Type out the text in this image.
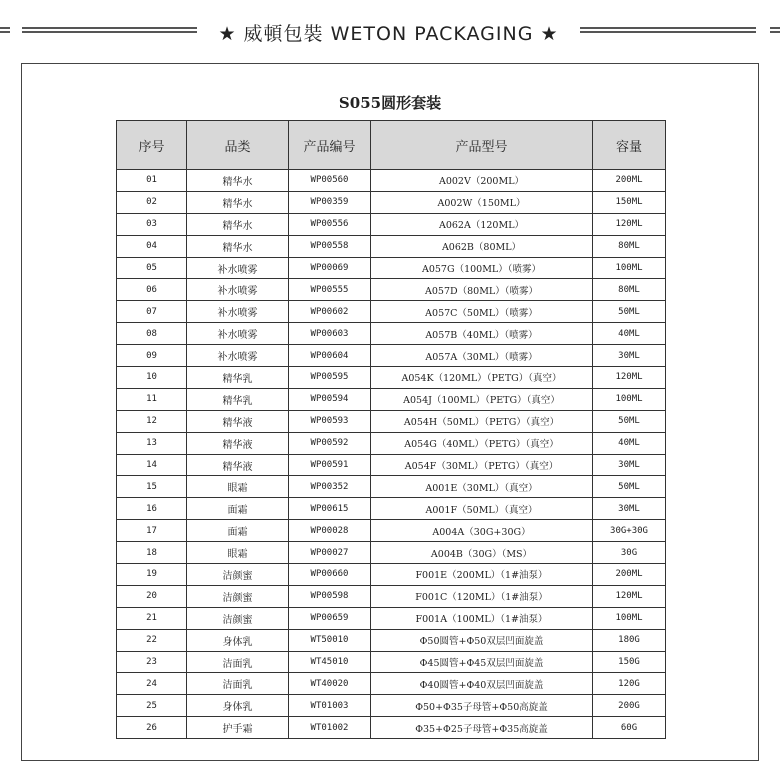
★ 威頓包裝 WETON PACKAGING ★
S055圆形套装
序号	品类	产品编号	产品型号	容量
01	精华水	WP00560	A002V（200ML）	200ML
02	精华水	WP00359	A002W（150ML）	150ML
03	精华水	WP00556	A062A（120ML）	120ML
04	精华水	WP00558	A062B（80ML）	80ML
05	补水喷雾	WP00069	A057G（100ML）（喷雾）	100ML
06	补水喷雾	WP00555	A057D（80ML）（喷雾）	80ML
07	补水喷雾	WP00602	A057C（50ML）（喷雾）	50ML
08	补水喷雾	WP00603	A057B（40ML）（喷雾）	40ML
09	补水喷雾	WP00604	A057A（30ML）（喷雾）	30ML
10	精华乳	WP00595	A054K（120ML）（PETG）（真空）	120ML
11	精华乳	WP00594	A054J（100ML）（PETG）（真空）	100ML
12	精华液	WP00593	A054H（50ML）（PETG）（真空）	50ML
13	精华液	WP00592	A054G（40ML）（PETG）（真空）	40ML
14	精华液	WP00591	A054F（30ML）（PETG）（真空）	30ML
15	眼霜	WP00352	A001E（30ML）（真空）	50ML
16	面霜	WP00615	A001F（50ML）（真空）	30ML
17	面霜	WP00028	A004A（30G+30G）	30G+30G
18	眼霜	WP00027	A004B（30G）（MS）	30G
19	洁颜蜜	WP00660	F001E（200ML）（1#油泵）	200ML
20	洁颜蜜	WP00598	F001C（120ML）（1#油泵）	120ML
21	洁颜蜜	WP00659	F001A（100ML）（1#油泵）	100ML
22	身体乳	WT50010	Φ50圆管+Φ50双层凹面旋盖	180G
23	洁面乳	WT45010	Φ45圆管+Φ45双层凹面旋盖	150G
24	洁面乳	WT40020	Φ40圆管+Φ40双层凹面旋盖	120G
25	身体乳	WT01003	Φ50+Φ35子母管+Φ50高旋盖	200G
26	护手霜	WT01002	Φ35+Φ25子母管+Φ35高旋盖	60G
